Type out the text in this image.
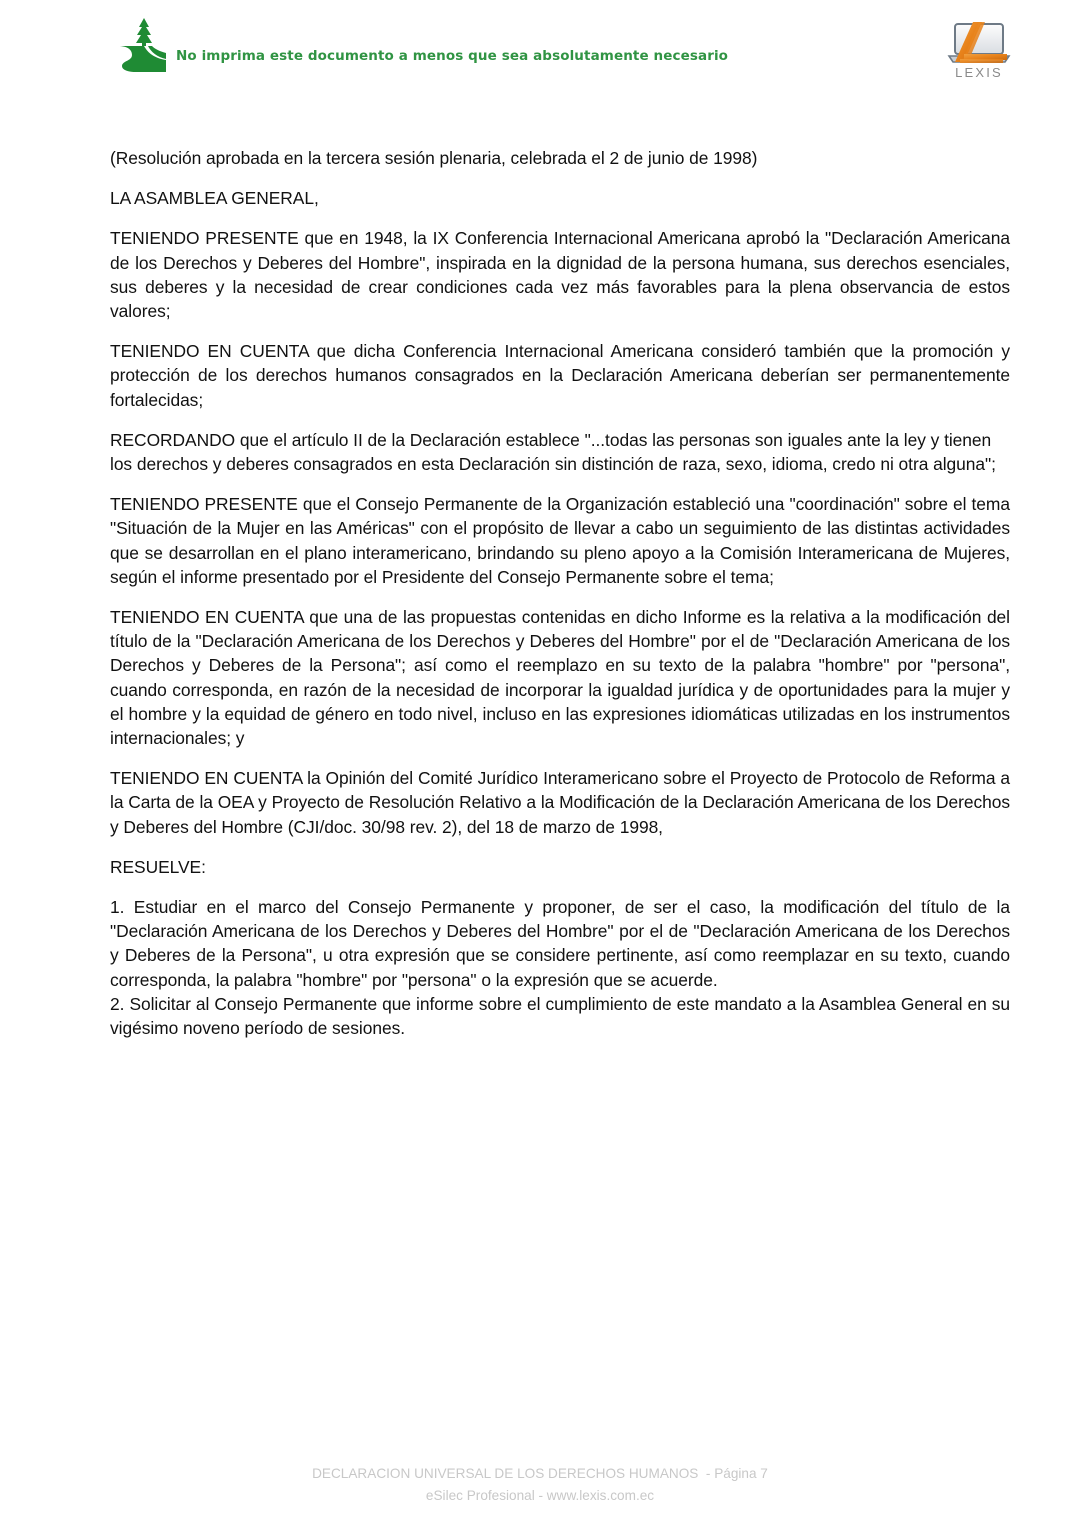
No imprima este documento a menos que sea absolutamente necesario
LEXIS

(Resolución aprobada en la tercera sesión plenaria, celebrada el 2 de junio de 1998)

LA ASAMBLEA GENERAL,

TENIENDO PRESENTE que en 1948, la IX Conferencia Internacional Americana aprobó la "Declaración Americana de los Derechos y Deberes del Hombre", inspirada en la dignidad de la persona humana, sus derechos esenciales, sus deberes y la necesidad de crear condiciones cada vez más favorables para la plena observancia de estos valores;

TENIENDO EN CUENTA que dicha Conferencia Internacional Americana consideró también que la promoción y protección de los derechos humanos consagrados en la Declaración Americana deberían ser permanentemente fortalecidas;

RECORDANDO que el artículo II de la Declaración establece "...todas las personas son iguales ante la ley y tienen los derechos y deberes consagrados en esta Declaración sin distinción de raza, sexo, idioma, credo ni otra alguna";

TENIENDO PRESENTE que el Consejo Permanente de la Organización estableció una "coordinación" sobre el tema "Situación de la Mujer en las Américas" con el propósito de llevar a cabo un seguimiento de las distintas actividades que se desarrollan en el plano interamericano, brindando su pleno apoyo a la Comisión Interamericana de Mujeres, según el informe presentado por el Presidente del Consejo Permanente sobre el tema;

TENIENDO EN CUENTA que una de las propuestas contenidas en dicho Informe es la relativa a la modificación del título de la "Declaración Americana de los Derechos y Deberes del Hombre" por el de "Declaración Americana de los Derechos y Deberes de la Persona"; así como el reemplazo en su texto de la palabra "hombre" por "persona", cuando corresponda, en razón de la necesidad de incorporar la igualdad jurídica y de oportunidades para la mujer y el hombre y la equidad de género en todo nivel, incluso en las expresiones idiomáticas utilizadas en los instrumentos internacionales; y

TENIENDO EN CUENTA la Opinión del Comité Jurídico Interamericano sobre el Proyecto de Protocolo de Reforma a la Carta de la OEA y Proyecto de Resolución Relativo a la Modificación de la Declaración Americana de los Derechos y Deberes del Hombre (CJI/doc. 30/98 rev. 2), del 18 de marzo de 1998,

RESUELVE:

1. Estudiar en el marco del Consejo Permanente y proponer, de ser el caso, la modificación del título de la "Declaración Americana de los Derechos y Deberes del Hombre" por el de "Declaración Americana de los Derechos y Deberes de la Persona", u otra expresión que se considere pertinente, así como reemplazar en su texto, cuando corresponda, la palabra "hombre" por "persona" o la expresión que se acuerde.
2. Solicitar al Consejo Permanente que informe sobre el cumplimiento de este mandato a la Asamblea General en su vigésimo noveno período de sesiones.

DECLARACION UNIVERSAL DE LOS DERECHOS HUMANOS  - Página 7
eSilec Profesional - www.lexis.com.ec
